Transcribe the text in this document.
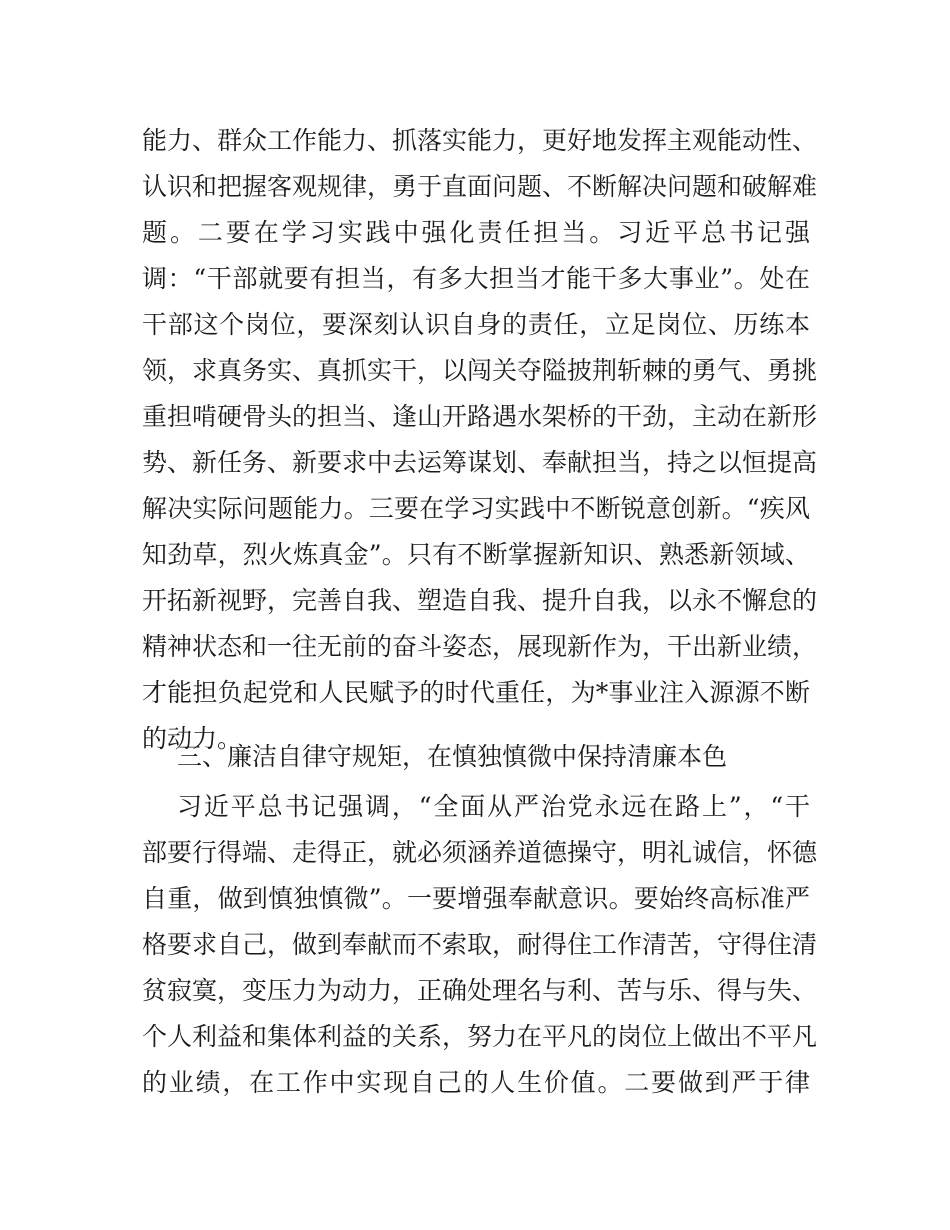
能力、群众工作能力、抓落实能力，更好地发挥主观能动性、
认识和把握客观规律，勇于直面问题、不断解决问题和破解难
题。二要在学习实践中强化责任担当。习近平总书记强
调：“干部就要有担当，有多大担当才能干多大事业”。处在
干部这个岗位，要深刻认识自身的责任，立足岗位、历练本
领，求真务实、真抓实干，以闯关夺隘披荆斩棘的勇气、勇挑
重担啃硬骨头的担当、逢山开路遇水架桥的干劲，主动在新形
势、新任务、新要求中去运筹谋划、奉献担当，持之以恒提高
解决实际问题能力。三要在学习实践中不断锐意创新。“疾风
知劲草，烈火炼真金”。只有不断掌握新知识、熟悉新领域、
开拓新视野，完善自我、塑造自我、提升自我，以永不懈怠的
精神状态和一往无前的奋斗姿态，展现新作为，干出新业绩，
才能担负起党和人民赋予的时代重任，为*事业注入源源不断
的动力。
三、廉洁自律守规矩，在慎独慎微中保持清廉本色
习近平总书记强调，“全面从严治党永远在路上”，“干
部要行得端、走得正，就必须涵养道德操守，明礼诚信，怀德
自重，做到慎独慎微”。一要增强奉献意识。要始终高标准严
格要求自己，做到奉献而不索取，耐得住工作清苦，守得住清
贫寂寞，变压力为动力，正确处理名与利、苦与乐、得与失、
个人利益和集体利益的关系，努力在平凡的岗位上做出不平凡
的业绩，在工作中实现自己的人生价值。二要做到严于律
